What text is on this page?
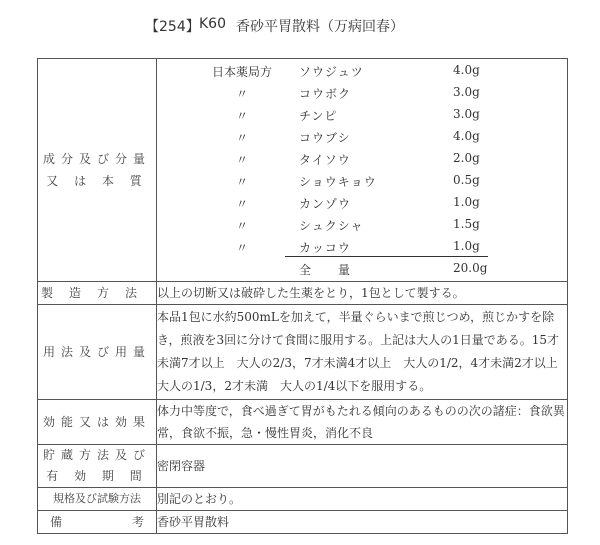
【254】 K60 香砂平胃散料（万病回春）
成分及び分量
又 は 本 質

日本薬局方	ソウジュツ	4.0g
〃	コウボク	3.0g
〃	チンピ	3.0g
〃	コウブシ	4.0g
〃	タイソウ	2.0g
〃	ショウキョウ	0.5g
〃	カンゾウ	1.0g
〃	シュクシャ	1.5g
〃	カッコウ	1.0g
全　　量	20.0g

製造方法	以上の切断又は破砕した生薬をとり，1包として製する。
用法及び用量	本品1包に水約500mLを加えて，半量ぐらいまで煎じつめ，煎じかすを除き，煎液を3回に分けて食間に服用する。上記は大人の1日量である。15才未満7才以上　大人の2/3，7才未満4才以上　大人の1/2，4才未満2才以上　大人の1/3，2才未満　大人の1/4以下を服用する。
効能又は効果	体力中等度で，食べ過ぎて胃がもたれる傾向のあるものの次の諸症：食欲異常，食欲不振，急・慢性胃炎，消化不良

貯蔵方法及び
有 効 期 間	密閉容器
規格及び試験方法	別記のとおり。

備 考	香砂平胃散料
